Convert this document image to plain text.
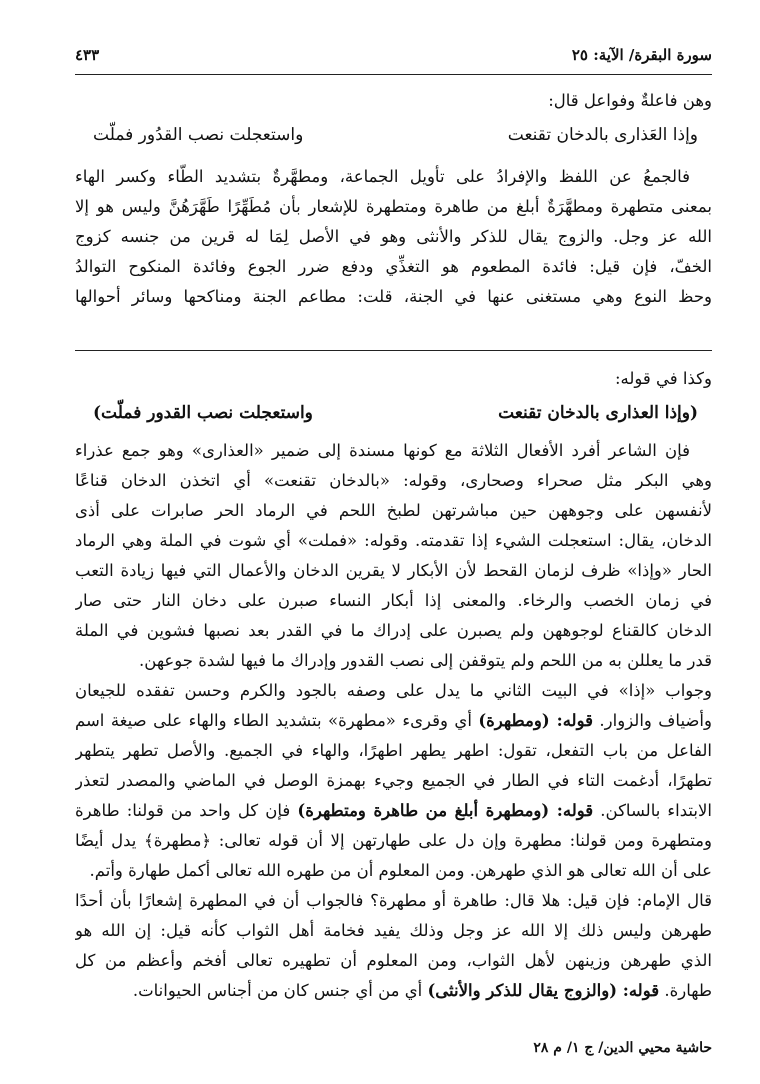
سورة البقرة/ الآية: ٢٥
٤٣٣
وهن فاعلةٌ وفواعل قال:
وإذا العَذارى بالدخان تقنعت
واستعجلت نصب القدُور فملّت
فالجمعُ عن اللفظ والإفرادُ على تأويل الجماعة، ومطهَّرةٌ بتشديد الطّاء وكسر الهاء
بمعنى متطهرة ومطهَّرَةٌ أبلغ من طاهرة ومتطهرة للإشعار بأن مُطَهِّرًا طَهَّرَهُنَّ وليس هو إلا
الله عز وجل. والزوج يقال للذكر والأنثى وهو في الأصل لِمَا له قرين من جنسه كزوج
الخفّ، فإن قيل: فائدة المطعوم هو التغذِّي ودفع ضرر الجوع وفائدة المنكوح التوالدُ
وحظ النوع وهي مستغنى عنها في الجنة، قلت: مطاعم الجنة ومناكحها وسائر أحوالها
وكذا في قوله:
(وإذا العذارى بالدخان تقنعت
واستعجلت نصب القدور فملّت)
فإن الشاعر أفرد الأفعال الثلاثة مع كونها مسندة إلى ضمير «العذارى» وهو جمع عذراء
وهي البكر مثل صحراء وصحارى، وقوله: «بالدخان تقنعت» أي اتخذن الدخان قناعًا
لأنفسهن على وجوههن حين مباشرتهن لطبخ اللحم في الرماد الحر صابرات على أذى
الدخان، يقال: استعجلت الشيء إذا تقدمته. وقوله: «فملت» أي شوت في الملة وهي الرماد
الحار «وإذا» ظرف لزمان القحط لأن الأبكار لا يقرين الدخان والأعمال التي فيها زيادة التعب
في زمان الخصب والرخاء. والمعنى إذا أبكار النساء صبرن على دخان النار حتى صار
الدخان كالقناع لوجوههن ولم يصبرن على إدراك ما في القدر بعد نصبها فشوين في الملة
قدر ما يعللن به من اللحم ولم يتوقفن إلى نصب القدور وإدراك ما فيها لشدة جوعهن.
وجواب «إذا» في البيت الثاني ما يدل على وصفه بالجود والكرم وحسن تفقده للجيعان
وأضياف والزوار. قوله: (ومطهرة) أي وقرىء «مطهرة» بتشديد الطاء والهاء على صيغة اسم
الفاعل من باب التفعل، تقول: اطهر يطهر اطهرًا، والهاء في الجميع. والأصل تطهر يتطهر
تطهرًا، أدغمت التاء في الطار في الجميع وجيء بهمزة الوصل في الماضي والمصدر لتعذر
الابتداء بالساكن. قوله: (ومطهرة أبلغ من طاهرة ومتطهرة) فإن كل واحد من قولنا: طاهرة
ومتطهرة ومن قولنا: مطهرة وإن دل على طهارتهن إلا أن قوله تعالى: ﴿مطهرة﴾ يدل أيضًا
على أن الله تعالى هو الذي طهرهن. ومن المعلوم أن من طهره الله تعالى أكمل طهارة وأتم.
قال الإمام: فإن قيل: هلا قال: طاهرة أو مطهرة؟ فالجواب أن في المطهرة إشعارًا بأن أحدًا
طهرهن وليس ذلك إلا الله عز وجل وذلك يفيد فخامة أهل الثواب كأنه قيل: إن الله هو
الذي طهرهن وزينهن لأهل الثواب، ومن المعلوم أن تطهيره تعالى أفخم وأعظم من كل
طهارة. قوله: (والزوج يقال للذكر والأنثى) أي من أي جنس كان من أجناس الحيوانات.
حاشية محيي الدين/ ج ١/ م ٢٨
